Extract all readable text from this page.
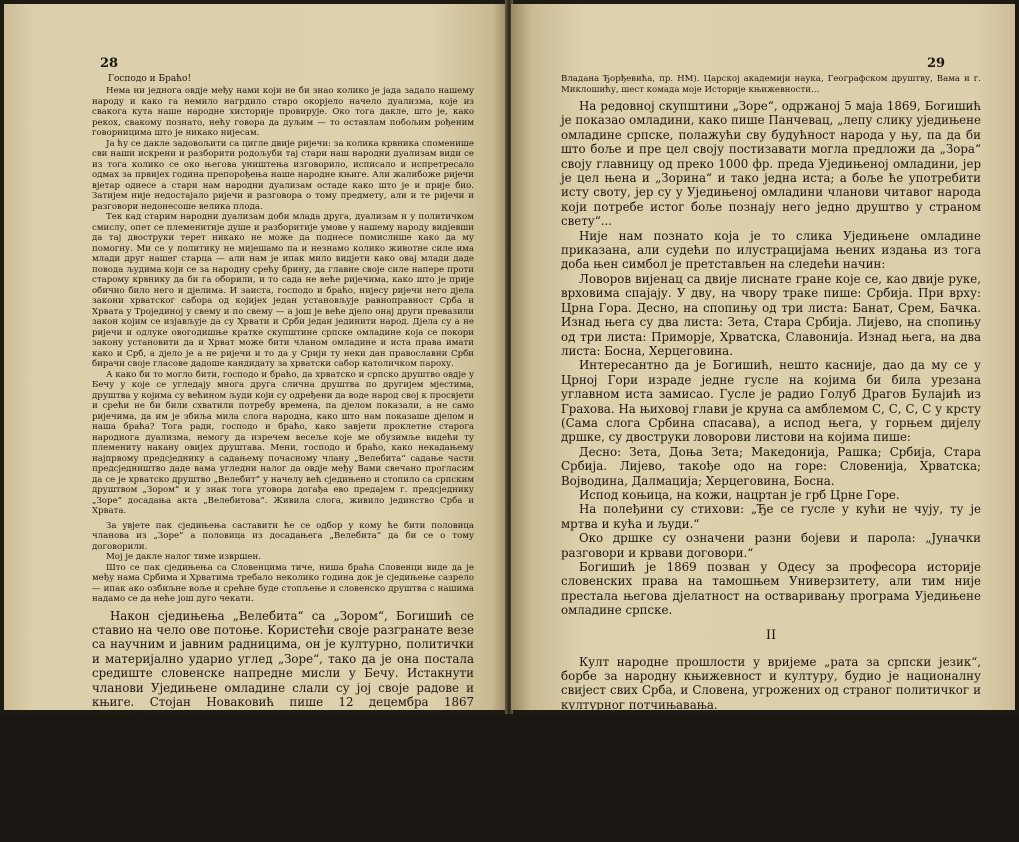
28
Господо и Браћо!

Нема ни једнога овдје међу нами који не би знао колико је јада задало нашему народу и како га немило нагрдило старо окорјело начело дуализма, које из свакога кута наше народне хисторије провирује. Око тога дакле, што је, како рекох, свакому познато, нећу говора да дуљим — то оставлам побољим рођеним говорницима што је никако нијесам.

Ја ћу се дакле задовољити са цигле двије ријечи: за колика крвника споменише сви наши искрени и разборити родољуби тај стари наш народни дуализам види се из тога колико се око његова уништења изговорило, исписало и испретресало одмах за првијех година препорођења наше народне књиге. Али жалибоже ријечи вјетар однесе а стари нам народни дуализам остаде како што је и прије био. Затијем није недостајало ријечи и разговора о тому предмету, али и те ријечи и разговори недонесоше велика плода.

Тек кад старим народни дуализам доби млада друга, дуализам и у политичком смислу, опет се племенитије душе и разборитије умове у нашему народу видјевши да тај двоструки терет никако не може да поднесе помислише како да му помогну. Ми се у политику не мијешамо па и незнамо колико животне силе има млади друг нашег старца — али нам је ипак мило видјети како овај млади даде повода људима који се за народну срећу брину, да главне своје силе напере проти старому крвнику да би га оборили, и то сада не веће ријечима, како што је прије обично било него и дјелима. И заиста, господо и браћо, нијесу ријечи него дјела закони хрватског сабора од којијех један установљује равноправност Срба и Хрвата у Тројединој у свему и по свему — а још је веће дјело онај други превазили закон којим се изјављује да су Хрвати и Срби један јединити народ. Дјела су а не ријечи и одлуке овогодишње кратке скупштине српске омладине која се покори закону установити да и Хрват може бити чланом омладине и иста права имати како и Срб, а дјело је а не ријечи и то да у Срији ту неки дан православни Срби бирачи своје гласове дадоше кандидату за хрватски сабор католичком пароху.

А како би то могло бити, господо и браћо, да хрватско и српско друштво овдје у Бечу у које се угледају многа друга слична друштва по другијем мјестима, друштва у којима су већином људи који су одређени да воде народ свој к просвјети и срећи не би били схватили потребу времена, па дјелом показали, а не само ријечима, да им је збиља мила слога народна, како што нам показаше дјелом и наша браћа? Тога ради, господо и браћо, како завјети проклетне старога народнога дуализма, немогу да изречем весеље које ме обузимље видећи ту племениту накану овијех друштава. Мени, господо и браћо, како некадањему најпрвому предсједнику а садањему почасному члану „Велебита“ садање части предсједништво даде вама угледни налог да овдје међу Вами свечано прогласим да се је хрватско друштво „Велебит“ у начелу већ сједињено и стопило са српским друштвом „Зором“ и у знак тога уговора догађа ево предајем г. предсједнику „Зоре“ досадања акта „Велебитова“. Живила слога, живило јединство Срба и Хрвата.

За увјете пак сједињења саставити ће се одбор у кому ће бити половица чланова из „Зоре“ а половица из досадањега „Велебита“ да би се о тому договорили.

Мој је дакле налог тиме извршен.

Што се пак сједињења са Словенцима тиче, ниша браћа Словенци виде да је међу нама Србима и Хрватима требало неколико година док је сједињење сазрело — ипак ако озбиљне воље и срећне буде стопљење и словенско друштва с нашима надамо се да неће још дуго чекати.

Након сједињења „Велебита“ са „Зором“, Богишић се ставио на чело ове потоње. Користећи своје разгранате везе са научним и јавним радницима, он је културно, политички и материјално ударио углед „Зоре“, тако да је она постала средиште словенске напредне мисли у Бечу. Истакнути чланови Уједињене омладине слали су јој своје радове и књиге. Стојан Новаковић пише 12 децембра 1867 Богишићу:

Толико је већ како вам не одговарам на ваша писма. Чекао сам најбоље на књиге, с којима се врло одоцнех због претплате којој смо прво морали одољевати. Тако вам сад шаљем за „Зору“, које можете предати Владану (мисли на

29

Владана Ђорђевића, пр. НМ). Царској академији наука, Географском друштву, Вама и г. Миклошићу, шест комада моје Историје књижевности...

На редовној скупштини „Зоре“, одржаној 5 маја 1869, Богишић је показао омладини, како пише Панчевац, „лепу слику уједињене омладине српске, полажући сву будућност народа у њу, па да би што боље и пре цел своју постизавати могла предложи да „Зора“ своју главницу од преко 1000 фр. преда Уједињеној омладини, јер је цел њена и „Зорина“ и тако једна иста; а боље ће употребити исту своту, јер су у Уједињеној омладини чланови читавог народа који потребе истог боље познају него једно друштво у страном свету“...

Није нам познато која је то слика Уједињене омладине приказана, али судећи по илустрацијама њених издања из тога доба њен симбол је претстављен на следећи начин:

Ловоров вијенац са двије лиснате гране које се, као двије руке, врховима спајају. У дву, на чвору траке пише: Србија. При врху: Црна Гора. Десно, на спопињу од три листа: Банат, Срем, Бачка. Изнад њега су два листа: Зета, Стара Србија. Лијево, на спопињу од три листа: Приморје, Хрватска, Славонија. Изнад њега, на два листа: Босна, Херцеговина.

Интересантно да је Богишић, нешто касније, дао да му се у Црној Гори израде једне гусле на којима би била урезана углавном иста замисао. Гусле је радио Голуб Драгов Булајић из Грахова. На њиховој глави је круна са амблемом С, С, С, С у крсту (Сама слога Србина спасава), а испод њега, у горњем дијелу дршке, су двоструки ловорови листови на којима пише:

Десно: Зета, Доња Зета; Македонија, Рашка; Србија, Стара Србија. Лијево, такође одо на горе: Словенија, Хрватска; Војводина, Далмација; Херцеговина, Босна.

Испод коњица, на кожи, нацртан је грб Црне Горе.

На полеђини су стихови: „Ђе се гусле у кући не чују, ту је мртва и кућа и људи.“

Око дршке су означени разни бојеви и парола: „Јуначки разговори и крвави договори.“

Богишић је 1869 позван у Одесу за професора историје словенских права на тамошњем Универзитету, али тим није престала његова дјелатност на остваривању програма Уједињене омладине српске.

II

Култ народне прошлости у вријеме „рата за српски језик“, борбе за народну књижевност и културу, будио је националну свијест свих Срба, и Словена, угрожених од страног политичког и културног потчињавања.

На пољу оживљавања народне прошлости кроз рад на сабирању правних обичаја, историји племена и братства, научној разради српске и хрватске породице, сакупљању народних умотворина свих врста, изради и развитку народног језика, послије Вука Караџића и Ђуре Даничића нико више толико допринео није колико Валтазар Богишић.

Уједињена омладина српска је правилно оцијенила Богишићеву вредност, зато га је и држала као свог високо цијењеног члана.
